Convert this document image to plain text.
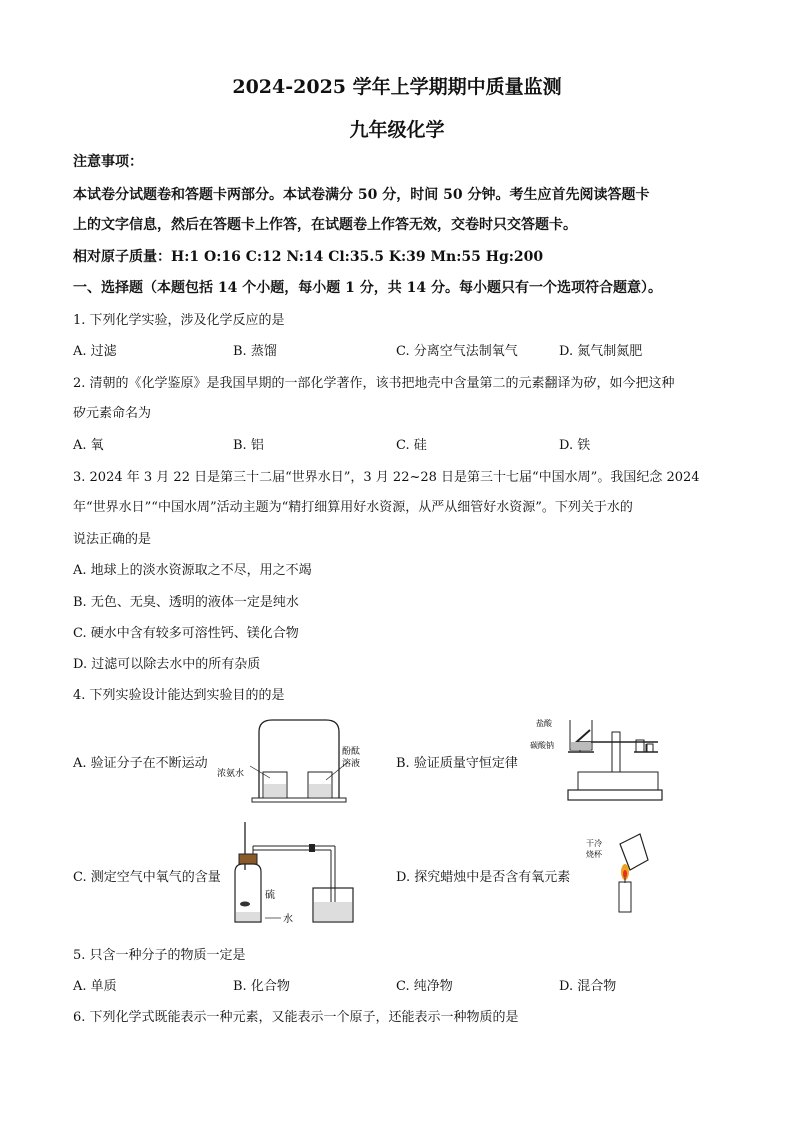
2024-2025 学年上学期期中质量监测
九年级化学
注意事项：
本试卷分试题卷和答题卡两部分。本试卷满分 50 分，时间 50 分钟。考生应首先阅读答题卡
上的文字信息，然后在答题卡上作答，在试题卷上作答无效，交卷时只交答题卡。
相对原子质量：H:1 O:16 C:12 N:14 Cl:35.5 K:39 Mn:55 Hg:200
一、选择题（本题包括 14 个小题，每小题 1 分，共 14 分。每小题只有一个选项符合题意）。
1. 下列化学实验，涉及化学反应的是
A. 过滤	B. 蒸馏	C. 分离空气法制氧气	D. 氮气制氮肥
2. 清朝的《化学鉴原》是我国早期的一部化学著作，该书把地壳中含量第二的元素翻译为矽，如今把这种
矽元素命名为
A. 氧	B. 铝	C. 硅	D. 铁
3. 2024 年 3 月 22 日是第三十二届“世界水日”，3 月 22~28 日是第三十七届“中国水周”。我国纪念 2024
年“世界水日”“中国水周”活动主题为“精打细算用好水资源，从严从细管好水资源”。下列关于水的
说法正确的是
A. 地球上的淡水资源取之不尽，用之不竭
B. 无色、无臭、透明的液体一定是纯水
C. 硬水中含有较多可溶性钙、镁化合物
D. 过滤可以除去水中的所有杂质
4. 下列实验设计能达到实验目的的是
A. 验证分子在不断运动	B. 验证质量守恒定律
C. 测定空气中氧气的含量	D. 探究蜡烛中是否含有氧元素
浓氨水
酚酞
溶液
盐酸
碳酸钠
硫
水
干冷
烧杯
5. 只含一种分子的物质一定是
A. 单质	B. 化合物	C. 纯净物	D. 混合物
6. 下列化学式既能表示一种元素，又能表示一个原子，还能表示一种物质的是
